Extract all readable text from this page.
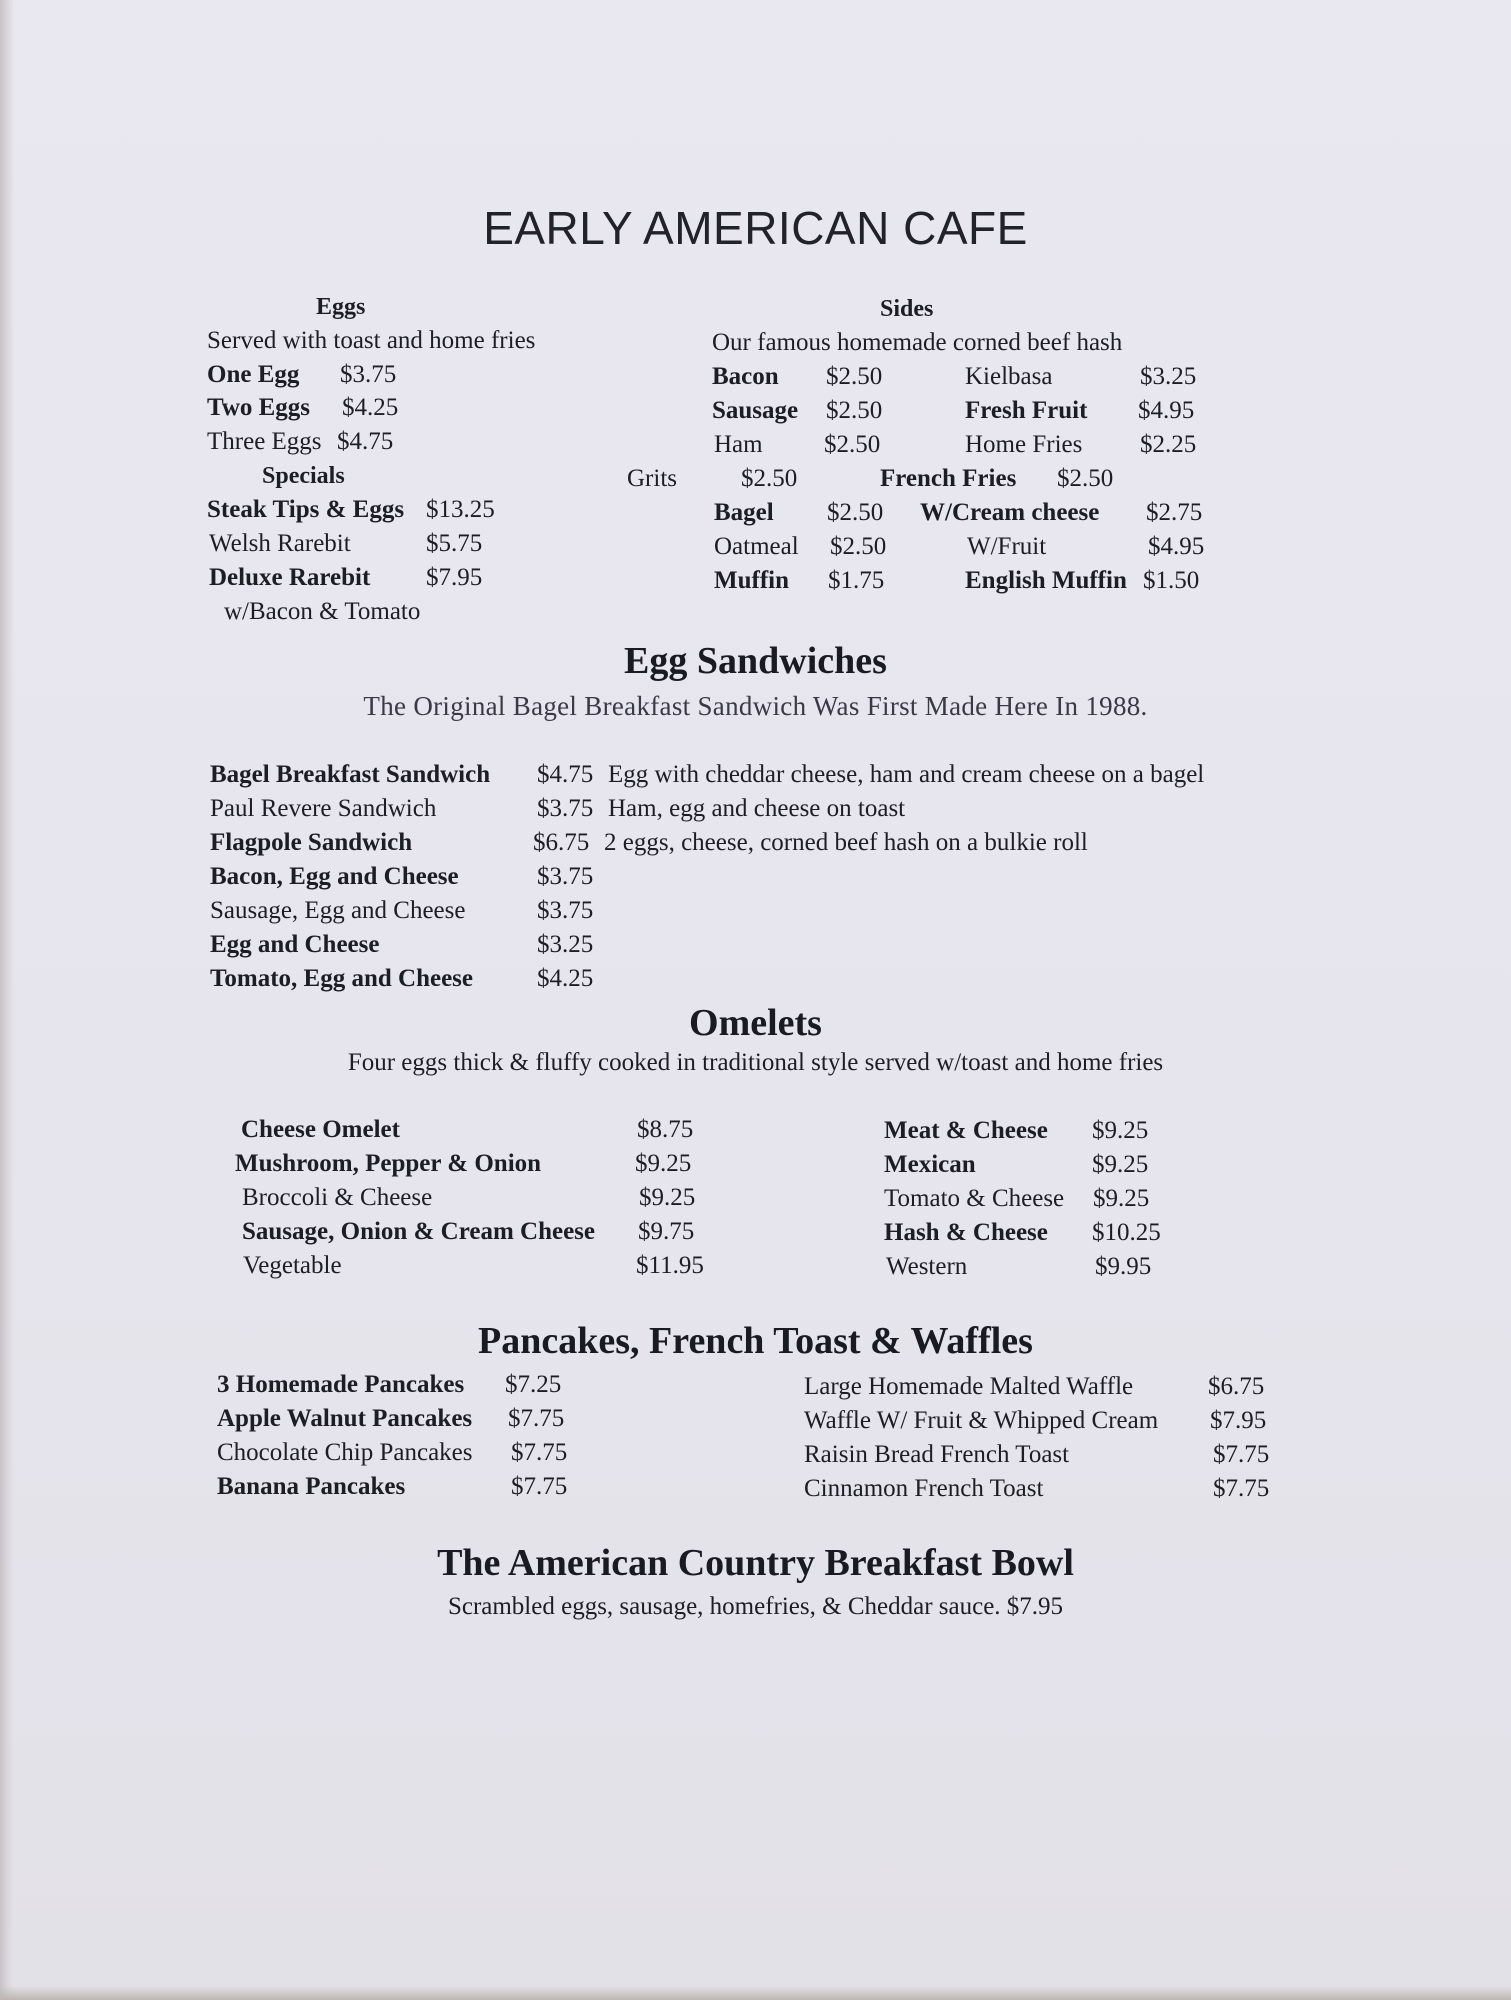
EARLY AMERICAN CAFE
Eggs
Served with toast and home fries
One Egg $3.75
Two Eggs $4.25
Three Eggs $4.75
Specials
Steak Tips & Eggs $13.25
Welsh Rarebit	$5.75
Deluxe Rarebit $7.95
w/Bacon & Tomato
Sides
Our famous homemade corned beef hash
Bacon $2.50	Kielbasa	$3.25
Sausage $2.50	Fresh Fruit $4.95
Ham $2.50	Home Fries $2.25
Grits	$2.50	French Fries $2.50
Bagel $2.50 W/Cream cheese $2.75
Oatmeal $2.50	W/Fruit	$4.95
Muffin $1.75	English Muffin $1.50
Egg Sandwiches
The Original Bagel Breakfast Sandwich Was First Made Here In 1988.
Bagel Breakfast Sandwich $4.75 Egg with cheddar cheese, ham and cream cheese on a bagel
Paul Revere Sandwich	$3.75 Ham, egg and cheese on toast
Flagpole Sandwich	$6.75 2 eggs, cheese, corned beef hash on a bulkie roll
Bacon, Egg and Cheese	$3.75
Sausage, Egg and Cheese	$3.75
Egg and Cheese	$3.25
Tomato, Egg and Cheese	$4.25
Omelets
Four eggs thick & fluffy cooked in traditional style served w/toast and home fries
Cheese Omelet	$8.75
Mushroom, Pepper & Onion	$9.25
Broccoli & Cheese	$9.25
Sausage, Onion & Cream Cheese $9.75
Vegetable	$11.95
Meat & Cheese $9.25
Mexican	$9.25
Tomato & Cheese $9.25
Hash & Cheese $10.25
Western	$9.95
Pancakes, French Toast & Waffles
3 Homemade Pancakes $7.25
Apple Walnut Pancakes $7.75
Chocolate Chip Pancakes $7.75
Banana Pancakes	$7.75
Large Homemade Malted Waffle	$6.75
Waffle W/ Fruit & Whipped Cream $7.95
Raisin Bread French Toast	$7.75
Cinnamon French Toast	$7.75
The American Country Breakfast Bowl
Scrambled eggs, sausage, homefries, & Cheddar sauce. $7.95
